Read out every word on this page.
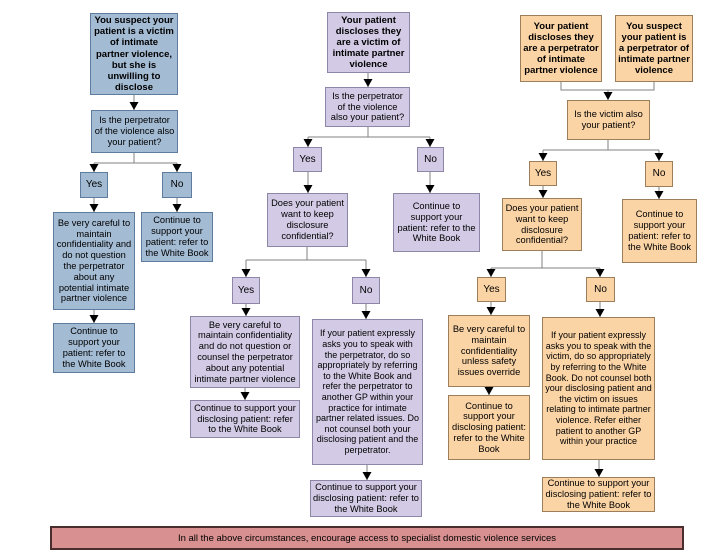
You suspect your patient is a victim of intimate partner violence, but she is unwilling to disclose
Is the perpetrator of the violence also your patient?
Yes	No
Be very careful to maintain confidentiality and do not question the perpetrator about any potential intimate partner violence
Continue to support your patient: refer to the White Book
Continue to support your patient: refer to the White Book
Your patient discloses they are a victim of intimate partner violence
Is the perpetrator of the violence also your patient?
Yes	No
Does your patient want to keep disclosure confidential?
Continue to support your patient: refer to the White Book
Yes	No
Be very careful to maintain confidentiality and do not question or counsel the perpetrator about any potential intimate partner violence
Continue to support your disclosing patient: refer to the White Book
If your patient expressly asks you to speak with the perpetrator, do so appropriately by referring to the White Book and refer the perpetrator to another GP within your practice for intimate partner related issues. Do not counsel both your disclosing patient and the perpetrator.
Continue to support your disclosing patient: refer to the White Book
Your patient discloses they are a perpetrator of intimate partner violence
You suspect your patient is a perpetrator of intimate partner violence
Is the victim also your patient?
Yes	No
Does your patient want to keep disclosure confidential?
Continue to support your patient: refer to the White Book
Yes	No
Be very careful to maintain confidentiality unless safety issues override
Continue to support your disclosing patient: refer to the White Book
If your patient expressly asks you to speak with the victim, do so appropriately by referring to the White Book. Do not counsel both your disclosing patient and the victim on issues relating to intimate partner violence. Refer either patient to another GP within your practice
Continue to support your disclosing patient: refer to the White Book
In all the above circumstances, encourage access to specialist domestic violence services
